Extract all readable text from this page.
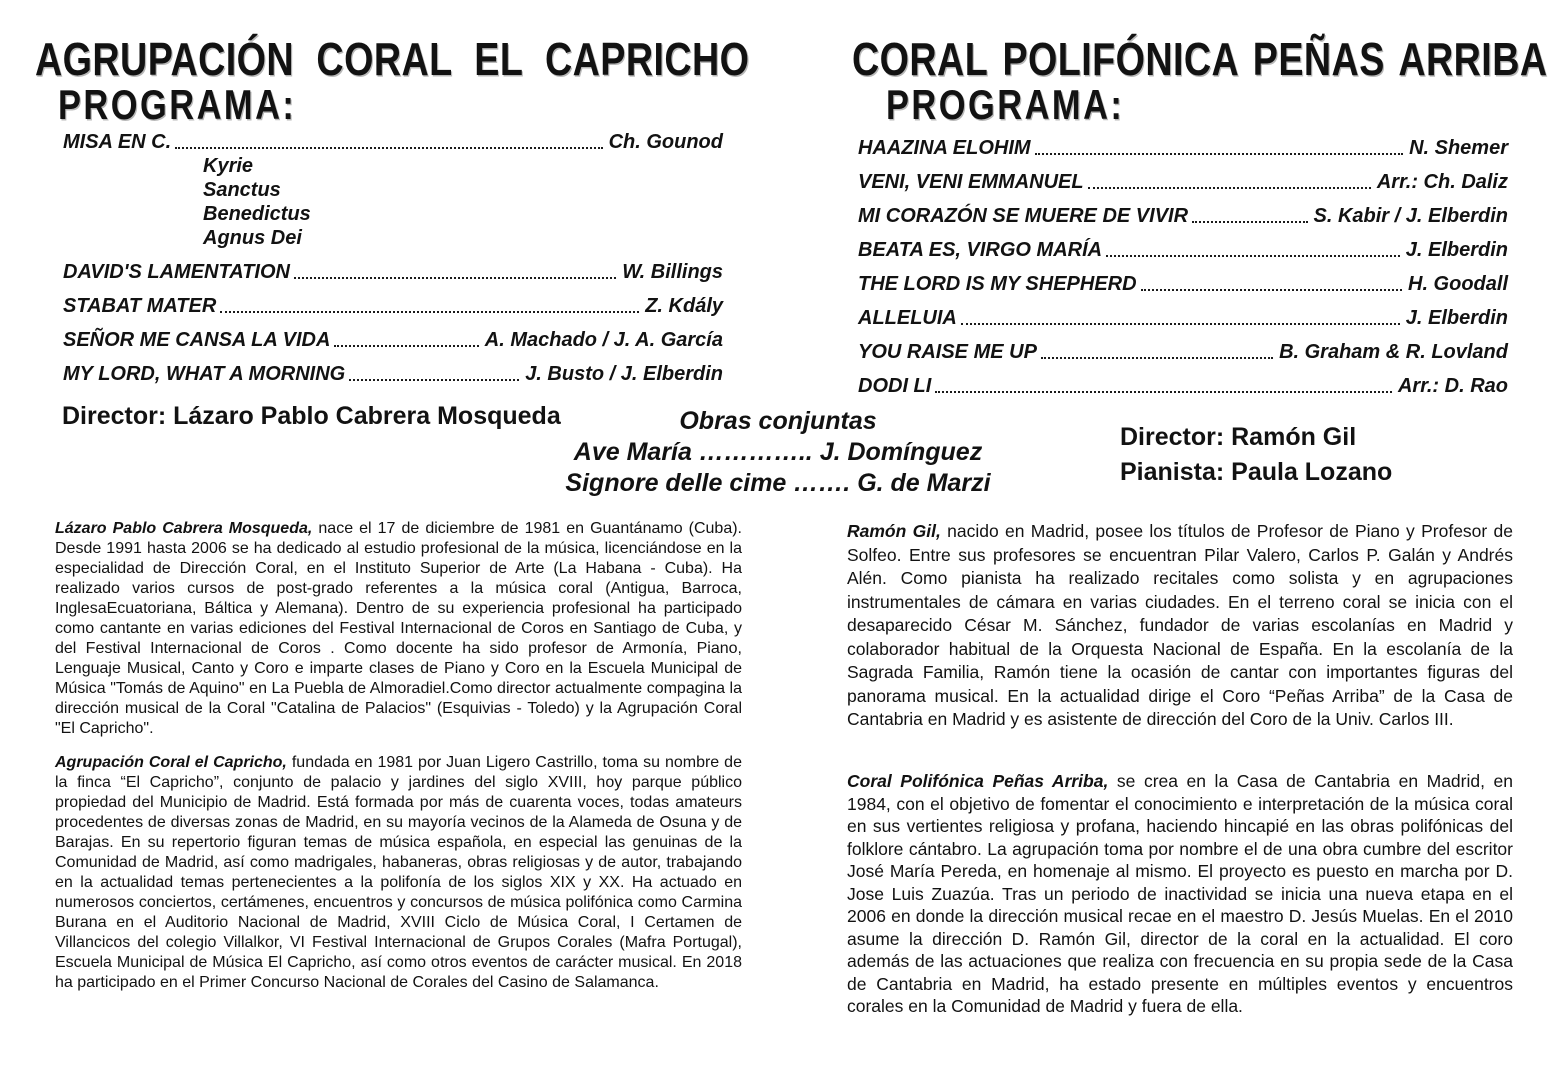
AGRUPACIÓN CORAL EL CAPRICHO
PROGRAMA:
CORAL POLIFÓNICA PEÑAS ARRIBA
PROGRAMA:
MISA EN C.	Ch. Gounod
Kyrie
Sanctus
Benedictus
Agnus Dei
DAVID'S LAMENTATION	W. Billings
STABAT MATER	Z. Kdály
SEÑOR ME CANSA LA VIDA	A. Machado / J. A. García
MY LORD, WHAT A MORNING	J. Busto / J. Elberdin
HAAZINA ELOHIM	N. Shemer
VENI, VENI EMMANUEL	Arr.: Ch. Daliz
MI CORAZÓN SE MUERE DE VIVIR	S. Kabir / J. Elberdin
BEATA ES, VIRGO MARÍA	J. Elberdin
THE LORD IS MY SHEPHERD	H. Goodall
ALLELUIA	J. Elberdin
YOU RAISE ME UP	B. Graham & R. Lovland
DODI LI	Arr.: D. Rao
Director: Lázaro Pablo Cabrera Mosqueda	Obras conjuntas
Ave María ………….. J. Domínguez
Signore delle cime ……. G. de Marzi
Director: Ramón Gil
Pianista: Paula Lozano

Lázaro Pablo Cabrera Mosqueda, nace el 17 de diciembre de 1981 en Guantánamo (Cuba). Desde 1991 hasta 2006 se ha dedicado al estudio profesional de la música, licenciándose en la especialidad de Dirección Coral, en el Instituto Superior de Arte (La Habana - Cuba). Ha realizado varios cursos de post-grado referentes a la música coral (Antigua, Barroca, InglesaEcuatoriana, Báltica y Alemana). Dentro de su experiencia profesional ha participado como cantante en varias ediciones del Festival Internacional de Coros en Santiago de Cuba, y del Festival Internacional de Coros . Como docente ha sido profesor de Armonía, Piano, Lenguaje Musical, Canto y Coro e imparte clases de Piano y Coro en la Escuela Municipal de Música "Tomás de Aquino" en La Puebla de Almoradiel.Como director actualmente compagina la dirección musical de la Coral "Catalina de Palacios" (Esquivias - Toledo) y la Agrupación Coral "El Capricho".

Agrupación Coral el Capricho, fundada en 1981 por Juan Ligero Castrillo, toma su nombre de la finca “El Capricho”, conjunto de palacio y jardines del siglo XVIII, hoy parque público propiedad del Municipio de Madrid. Está formada por más de cuarenta voces, todas amateurs procedentes de diversas zonas de Madrid, en su mayoría vecinos de la Alameda de Osuna y de Barajas. En su repertorio figuran temas de música española, en especial las genuinas de la Comunidad de Madrid, así como madrigales, habaneras, obras religiosas y de autor, trabajando en la actualidad temas pertenecientes a la polifonía de los siglos XIX y XX. Ha actuado en numerosos conciertos, certámenes, encuentros y concursos de música polifónica como Carmina Burana en el Auditorio Nacional de Madrid, XVIII Ciclo de Música Coral, I Certamen de Villancicos del colegio Villalkor, VI Festival Internacional de Grupos Corales (Mafra Portugal), Escuela Municipal de Música El Capricho, así como otros eventos de carácter musical. En 2018 ha participado en el Primer Concurso Nacional de Corales del Casino de Salamanca.

Ramón Gil, nacido en Madrid, posee los títulos de Profesor de Piano y Profesor de Solfeo. Entre sus profesores se encuentran Pilar Valero, Carlos P. Galán y Andrés Alén. Como pianista ha realizado recitales como solista y en agrupaciones instrumentales de cámara en varias ciudades. En el terreno coral se inicia con el desaparecido César M. Sánchez, fundador de varias escolanías en Madrid y colaborador habitual de la Orquesta Nacional de España. En la escolanía de la Sagrada Familia, Ramón tiene la ocasión de cantar con importantes figuras del panorama musical. En la actualidad dirige el Coro “Peñas Arriba” de la Casa de Cantabria en Madrid y es asistente de dirección del Coro de la Univ. Carlos III.

Coral Polifónica Peñas Arriba, se crea en la Casa de Cantabria en Madrid, en 1984, con el objetivo de fomentar el conocimiento e interpretación de la música coral en sus vertientes religiosa y profana, haciendo hincapié en las obras polifónicas del folklore cántabro. La agrupación toma por nombre el de una obra cumbre del escritor José María Pereda, en homenaje al mismo. El proyecto es puesto en marcha por D. Jose Luis Zuazúa. Tras un periodo de inactividad se inicia una nueva etapa en el 2006 en donde la dirección musical recae en el maestro D. Jesús Muelas. En el 2010 asume la dirección D. Ramón Gil, director de la coral en la actualidad. El coro además de las actuaciones que realiza con frecuencia en su propia sede de la Casa de Cantabria en Madrid, ha estado presente en múltiples eventos y encuentros corales en la Comunidad de Madrid y fuera de ella.
